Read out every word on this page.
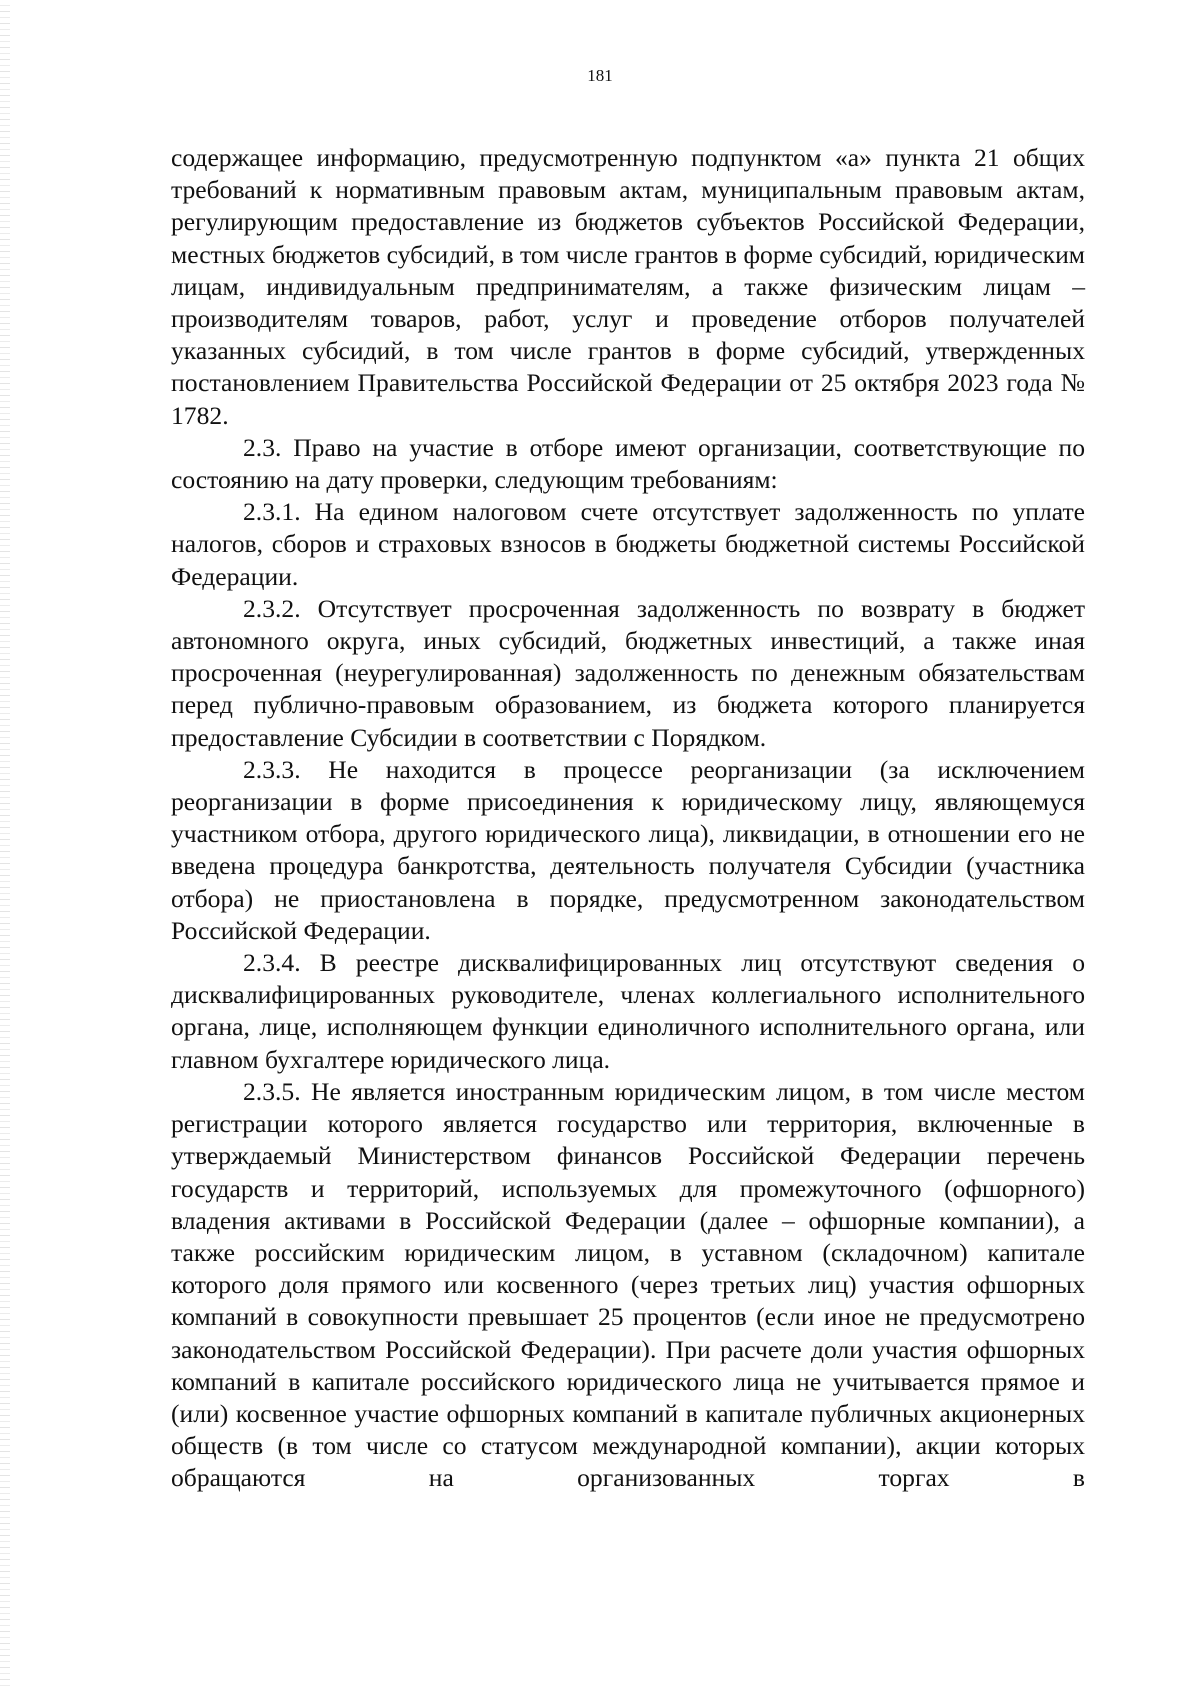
181

содержащее информацию, предусмотренную подпунктом «а» пункта 21 общих требований к нормативным правовым актам, муниципальным правовым актам, регулирующим предоставление из бюджетов субъектов Российской Федерации, местных бюджетов субсидий, в том числе грантов в форме субсидий, юридическим лицам, индивидуальным предпринимателям, а также физическим лицам – производителям товаров, работ, услуг и проведение отборов получателей указанных субсидий, в том числе грантов в форме субсидий, утвержденных постановлением Правительства Российской Федерации от 25 октября 2023 года № 1782.

2.3. Право на участие в отборе имеют организации, соответствующие по состоянию на дату проверки, следующим требованиям:

2.3.1. На едином налоговом счете отсутствует задолженность по уплате налогов, сборов и страховых взносов в бюджеты бюджетной системы Российской Федерации.

2.3.2. Отсутствует просроченная задолженность по возврату в бюджет автономного округа, иных субсидий, бюджетных инвестиций, а также иная просроченная (неурегулированная) задолженность по денежным обязательствам перед публично-правовым образованием, из бюджета которого планируется предоставление Субсидии в соответствии с Порядком.

2.3.3. Не находится в процессе реорганизации (за исключением реорганизации в форме присоединения к юридическому лицу, являющемуся участником отбора, другого юридического лица), ликвидации, в отношении его не введена процедура банкротства, деятельность получателя Субсидии (участника отбора) не приостановлена в порядке, предусмотренном законодательством Российской Федерации.

2.3.4. В реестре дисквалифицированных лиц отсутствуют сведения о дисквалифицированных руководителе, членах коллегиального исполнительного органа, лице, исполняющем функции единоличного исполнительного органа, или главном бухгалтере юридического лица.

2.3.5. Не является иностранным юридическим лицом, в том числе местом регистрации которого является государство или территория, включенные в утверждаемый Министерством финансов Российской Федерации перечень государств и территорий, используемых для промежуточного (офшорного) владения активами в Российской Федерации (далее – офшорные компании), а также российским юридическим лицом, в уставном (складочном) капитале которого доля прямого или косвенного (через третьих лиц) участия офшорных компаний в совокупности превышает 25 процентов (если иное не предусмотрено законодательством Российской Федерации). При расчете доли участия офшорных компаний в капитале российского юридического лица не учитывается прямое и (или) косвенное участие офшорных компаний в капитале публичных акционерных обществ (в том числе со статусом международной компании), акции которых обращаются на организованных торгах в
